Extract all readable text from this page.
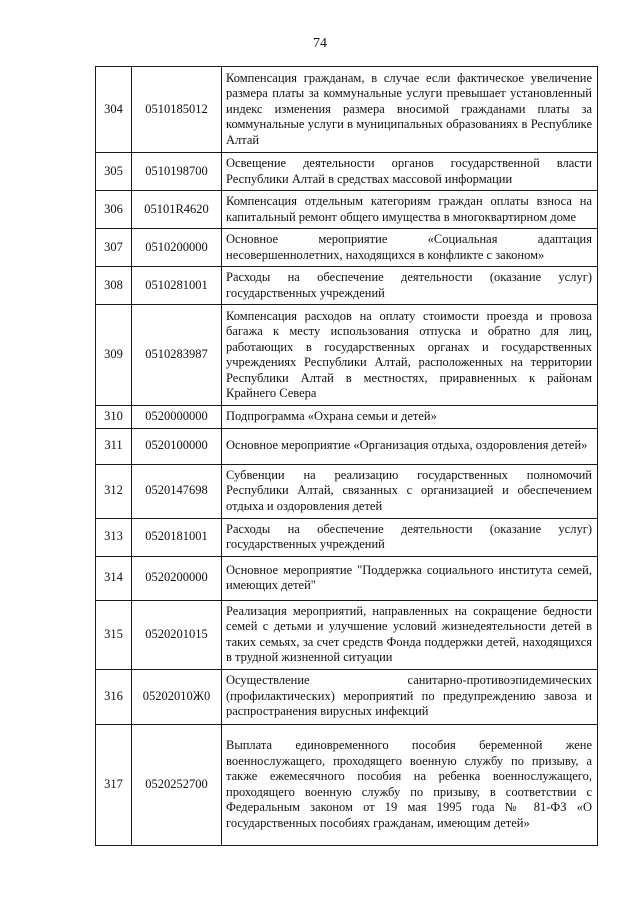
74
304	0510185012	Компенсация гражданам, в случае если фактическое увеличение размера платы за коммунальные услуги превышает установленный индекс изменения размера вносимой гражданами платы за коммунальные услуги в муниципальных образованиях в Республике Алтай
305	0510198700	Освещение деятельности органов государственной власти Республики Алтай в средствах массовой информации
306	05101R4620	Компенсация отдельным категориям граждан оплаты взноса на капитальный ремонт общего имущества в многоквартирном доме
307	0510200000	Основное мероприятие «Социальная адаптация несовершеннолетних, находящихся в конфликте с законом»
308	0510281001	Расходы на обеспечение деятельности (оказание услуг) государственных учреждений
309	0510283987	Компенсация расходов на оплату стоимости проезда и провоза багажа к месту использования отпуска и обратно для лиц, работающих в государственных органах и государственных учреждениях Республики Алтай, расположенных на территории Республики Алтай в местностях, приравненных к районам Крайнего Севера
310	0520000000	Подпрограмма «Охрана семьи и детей»
311	0520100000	Основное мероприятие «Организация отдыха, оздоровления детей»
312	0520147698	Субвенции на реализацию государственных полномочий Республики Алтай, связанных с организацией и обеспечением отдыха и оздоровления детей
313	0520181001	Расходы на обеспечение деятельности (оказание услуг) государственных учреждений
314	0520200000	Основное мероприятие "Поддержка социального института семей, имеющих детей"
315	0520201015	Реализация мероприятий, направленных на сокращение бедности семей с детьми и улучшение условий жизнедеятельности детей в таких семьях, за счет средств Фонда поддержки детей, находящихся в трудной жизненной ситуации
316	05202010Ж0	Осуществление санитарно-противоэпидемических (профилактических) мероприятий по предупреждению завоза и распространения вирусных инфекций
317	0520252700	Выплата единовременного пособия беременной жене военнослужащего, проходящего военную службу по призыву, а также ежемесячного пособия на ребенка военнослужащего, проходящего военную службу по призыву, в соответствии с Федеральным законом от 19 мая 1995 года № 81-ФЗ «О государственных пособиях гражданам, имеющим детей»
